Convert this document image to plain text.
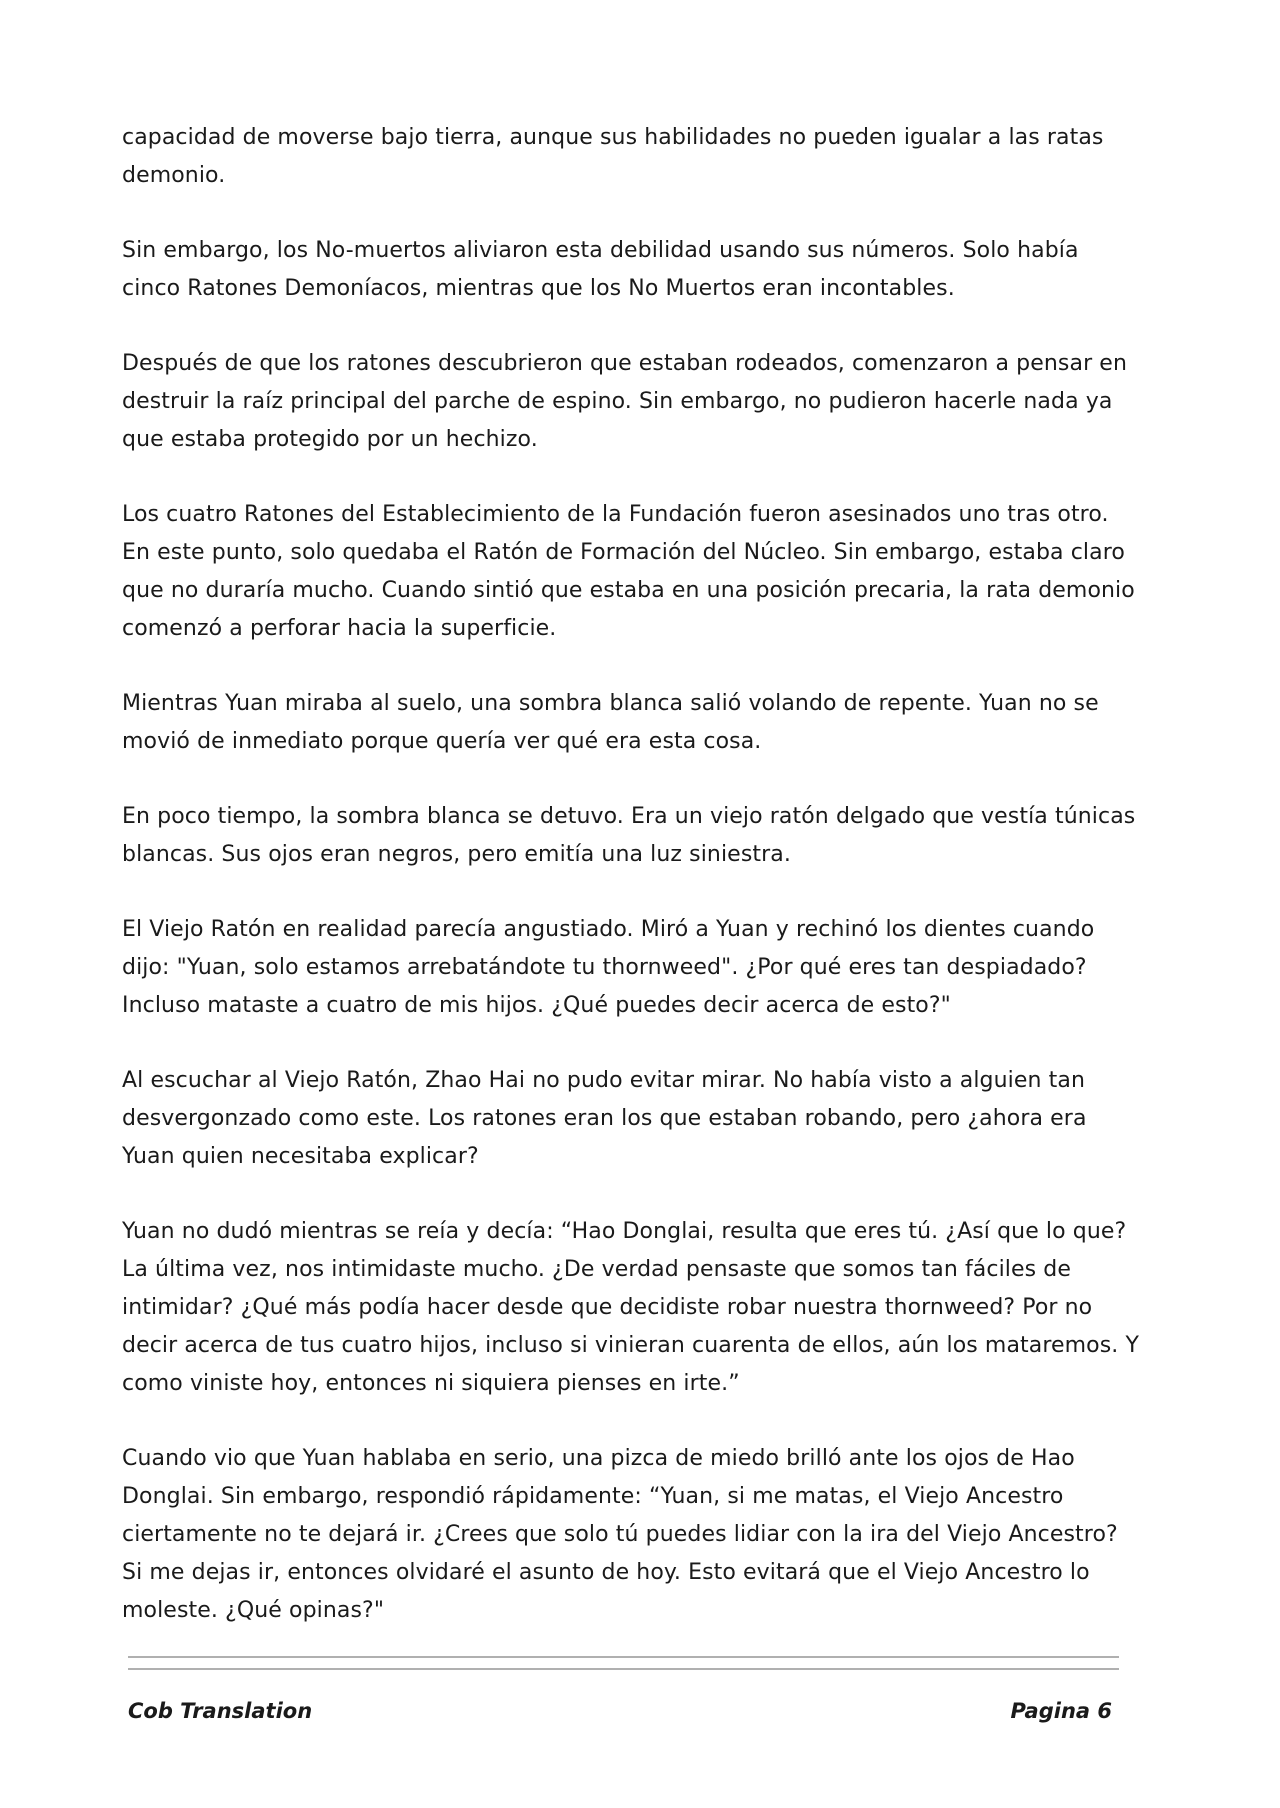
capacidad de moverse bajo tierra, aunque sus habilidades no pueden igualar a las ratas demonio.

Sin embargo, los No-muertos aliviaron esta debilidad usando sus números. Solo había cinco Ratones Demoníacos, mientras que los No Muertos eran incontables.

Después de que los ratones descubrieron que estaban rodeados, comenzaron a pensar en destruir la raíz principal del parche de espino. Sin embargo, no pudieron hacerle nada ya que estaba protegido por un hechizo.

Los cuatro Ratones del Establecimiento de la Fundación fueron asesinados uno tras otro. En este punto, solo quedaba el Ratón de Formación del Núcleo. Sin embargo, estaba claro que no duraría mucho. Cuando sintió que estaba en una posición precaria, la rata demonio comenzó a perforar hacia la superficie.

Mientras Yuan miraba al suelo, una sombra blanca salió volando de repente. Yuan no se movió de inmediato porque quería ver qué era esta cosa.

En poco tiempo, la sombra blanca se detuvo. Era un viejo ratón delgado que vestía túnicas blancas. Sus ojos eran negros, pero emitía una luz siniestra.

El Viejo Ratón en realidad parecía angustiado. Miró a Yuan y rechinó los dientes cuando dijo: "Yuan, solo estamos arrebatándote tu thornweed". ¿Por qué eres tan despiadado? Incluso mataste a cuatro de mis hijos. ¿Qué puedes decir acerca de esto?"

Al escuchar al Viejo Ratón, Zhao Hai no pudo evitar mirar. No había visto a alguien tan desvergonzado como este. Los ratones eran los que estaban robando, pero ¿ahora era Yuan quien necesitaba explicar?

Yuan no dudó mientras se reía y decía: “Hao Donglai, resulta que eres tú. ¿Así que lo que? La última vez, nos intimidaste mucho. ¿De verdad pensaste que somos tan fáciles de intimidar? ¿Qué más podía hacer desde que decidiste robar nuestra thornweed? Por no decir acerca de tus cuatro hijos, incluso si vinieran cuarenta de ellos, aún los mataremos. Y como viniste hoy, entonces ni siquiera pienses en irte.”

Cuando vio que Yuan hablaba en serio, una pizca de miedo brilló ante los ojos de Hao Donglai. Sin embargo, respondió rápidamente: “Yuan, si me matas, el Viejo Ancestro ciertamente no te dejará ir. ¿Crees que solo tú puedes lidiar con la ira del Viejo Ancestro? Si me dejas ir, entonces olvidaré el asunto de hoy. Esto evitará que el Viejo Ancestro lo moleste. ¿Qué opinas?"

Cob Translation	Pagina 6
